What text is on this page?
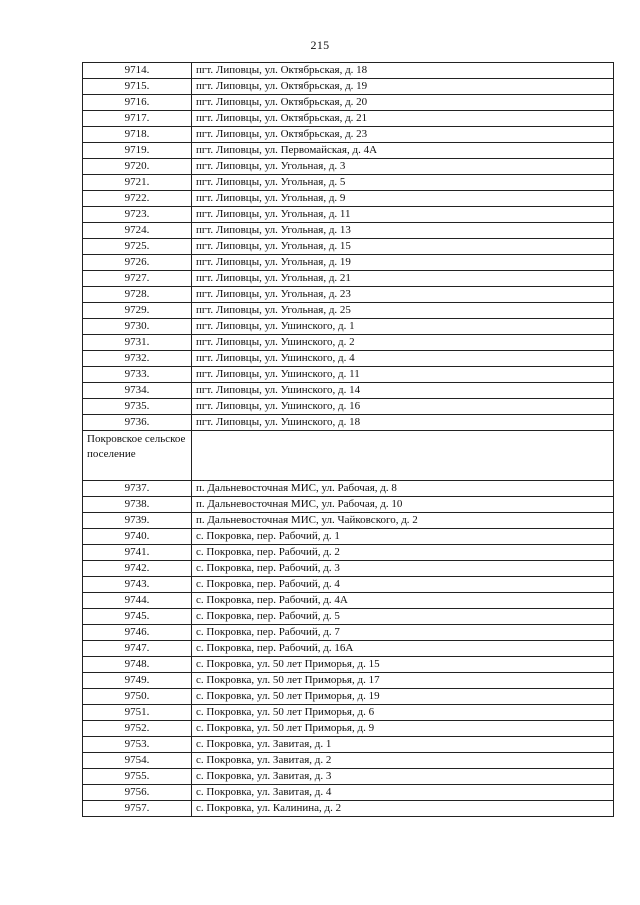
215
9714.	пгт. Липовцы, ул. Октябрьская, д. 18
9715.	пгт. Липовцы, ул. Октябрьская, д. 19
9716.	пгт. Липовцы, ул. Октябрьская, д. 20
9717.	пгт. Липовцы, ул. Октябрьская, д. 21
9718.	пгт. Липовцы, ул. Октябрьская, д. 23
9719.	пгт. Липовцы, ул. Первомайская, д. 4А
9720.	пгт. Липовцы, ул. Угольная, д. 3
9721.	пгт. Липовцы, ул. Угольная, д. 5
9722.	пгт. Липовцы, ул. Угольная, д. 9
9723.	пгт. Липовцы, ул. Угольная, д. 11
9724.	пгт. Липовцы, ул. Угольная, д. 13
9725.	пгт. Липовцы, ул. Угольная, д. 15
9726.	пгт. Липовцы, ул. Угольная, д. 19
9727.	пгт. Липовцы, ул. Угольная, д. 21
9728.	пгт. Липовцы, ул. Угольная, д. 23
9729.	пгт. Липовцы, ул. Угольная, д. 25
9730.	пгт. Липовцы, ул. Ушинского, д. 1
9731.	пгт. Липовцы, ул. Ушинского, д. 2
9732.	пгт. Липовцы, ул. Ушинского, д. 4
9733.	пгт. Липовцы, ул. Ушинского, д. 11
9734.	пгт. Липовцы, ул. Ушинского, д. 14
9735.	пгт. Липовцы, ул. Ушинского, д. 16
9736.	пгт. Липовцы, ул. Ушинского, д. 18
Покровское сельское поселение	
9737.	п. Дальневосточная МИС, ул. Рабочая, д. 8
9738.	п. Дальневосточная МИС, ул. Рабочая, д. 10
9739.	п. Дальневосточная МИС, ул. Чайковского, д. 2
9740.	с. Покровка, пер. Рабочий, д. 1
9741.	с. Покровка, пер. Рабочий, д. 2
9742.	с. Покровка, пер. Рабочий, д. 3
9743.	с. Покровка, пер. Рабочий, д. 4
9744.	с. Покровка, пер. Рабочий, д. 4А
9745.	с. Покровка, пер. Рабочий, д. 5
9746.	с. Покровка, пер. Рабочий, д. 7
9747.	с. Покровка, пер. Рабочий, д. 16А
9748.	с. Покровка, ул. 50 лет Приморья, д. 15
9749.	с. Покровка, ул. 50 лет Приморья, д. 17
9750.	с. Покровка, ул. 50 лет Приморья, д. 19
9751.	с. Покровка, ул. 50 лет Приморья, д. 6
9752.	с. Покровка, ул. 50 лет Приморья, д. 9
9753.	с. Покровка, ул. Завитая, д. 1
9754.	с. Покровка, ул. Завитая, д. 2
9755.	с. Покровка, ул. Завитая, д. 3
9756.	с. Покровка, ул. Завитая, д. 4
9757.	с. Покровка, ул. Калинина, д. 2
